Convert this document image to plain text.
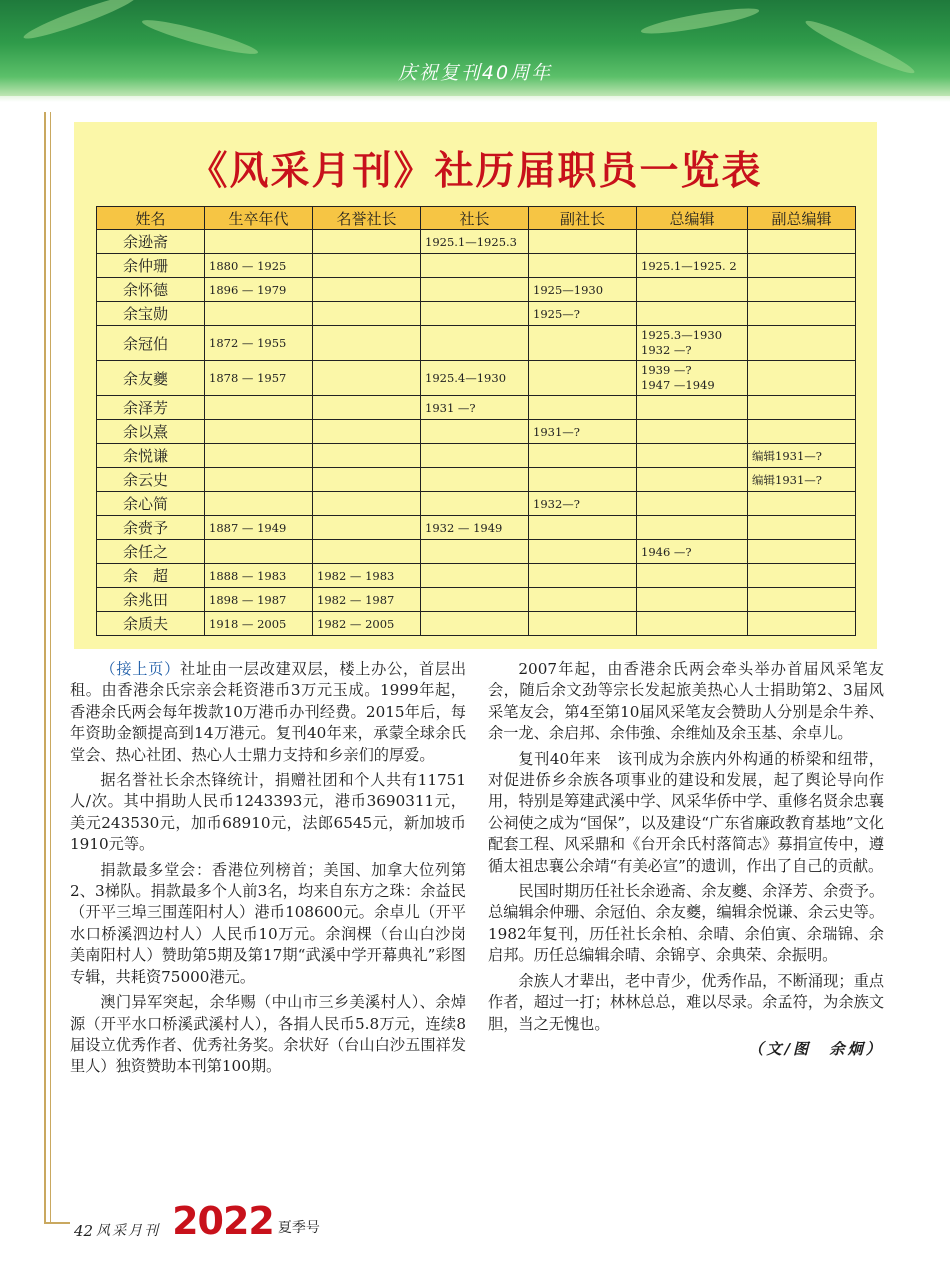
庆祝复刊40周年
《风采月刊》社历届职员一览表
姓名	生卒年代	名誉社长	社长	副社长	总编辑	副总编辑
余逊斋			1925.1—1925.3			
余仲珊	1880 — 1925				1925.1—1925. 2	
余怀德	1896 — 1979			1925—1930		
余宝勋				1925—?		
余冠伯	1872 — 1955				1925.3—1930
1932 —?	

余友夔	1878 — 1957		1925.4—1930		1939 —?
1947 —1949	

余泽芳			1931 —?			
余以熹				1931—?		
余悦谦						编辑1931—?
余云史						编辑1931—?
余心简				1932—?		
余赍予	1887 — 1949		1932 — 1949			
余任之					1946 —?	
余　超	1888 — 1983	1982 — 1983				
余兆田	1898 — 1987	1982 — 1987				
余质夫	1918 — 2005	1982 — 2005				

（接上页）社址由一层改建双层，楼上办公，首层出租。由香港余氏宗亲会耗资港币3万元玉成。1999年起，香港余氏两会每年拨款10万港币办刊经费。2015年后，每年资助金额提高到14万港元。复刊40年来，承蒙全球余氏堂会、热心社团、热心人士鼎力支持和乡亲们的厚爱。

据名誉社长余杰锋统计，捐赠社团和个人共有11751人/次。其中捐助人民币1243393元，港币3690311元，美元243530元，加币68910元，法郎6545元，新加坡币1910元等。

捐款最多堂会：香港位列榜首；美国、加拿大位列第2、3梯队。捐款最多个人前3名，均来自东方之珠：余益民（开平三埠三围莲阳村人）港币108600元。余卓儿（开平水口桥溪泗边村人）人民币10万元。余润棵（台山白沙岗美南阳村人）赞助第5期及第17期“武溪中学开幕典礼”彩图专辑，共耗资75000港元。

澳门异军突起，余华赐（中山市三乡美溪村人）、余焯源（开平水口桥溪武溪村人），各捐人民币5.8万元，连续8届设立优秀作者、优秀社务奖。余状好（台山白沙五围祥发里人）独资赞助本刊第100期。

2007年起，由香港余氏两会牵头举办首届风采笔友会，随后余文劲等宗长发起旅美热心人士捐助第2、3届风采笔友会，第4至第10届风采笔友会赞助人分别是余牛养、余一龙、余启邦、余伟強、余维灿及余玉基、余卓儿。

复刊40年来　该刊成为余族内外构通的桥梁和纽带，对促进侨乡余族各项事业的建设和发展，起了舆论导向作用，特别是筹建武溪中学、风采华侨中学、重修名贤余忠襄公祠使之成为“国保”，以及建设“广东省廉政教育基地”文化配套工程、风采鼎和《台开余氏村落简志》募捐宣传中，遵循太祖忠襄公余靖“有美必宣”的遗训，作出了自己的贡献。

民国时期历任社长余逊斋、余友夔、余泽芳、余赍予。总编辑余仲珊、余冠伯、余友夔，编辑余悦谦、余云史等。1982年复刊，历任社长余柏、余晴、余伯寅、余瑞锦、余启邦。历任总编辑余晴、余锦亨、余典荣、余振明。

余族人才辈出，老中青少，优秀作品，不断涌现；重点作者，超过一打；林林总总，难以尽录。余孟符，为余族文胆，当之无愧也。

（文/图　余炯）
42 风采月刊 2022 夏季号
